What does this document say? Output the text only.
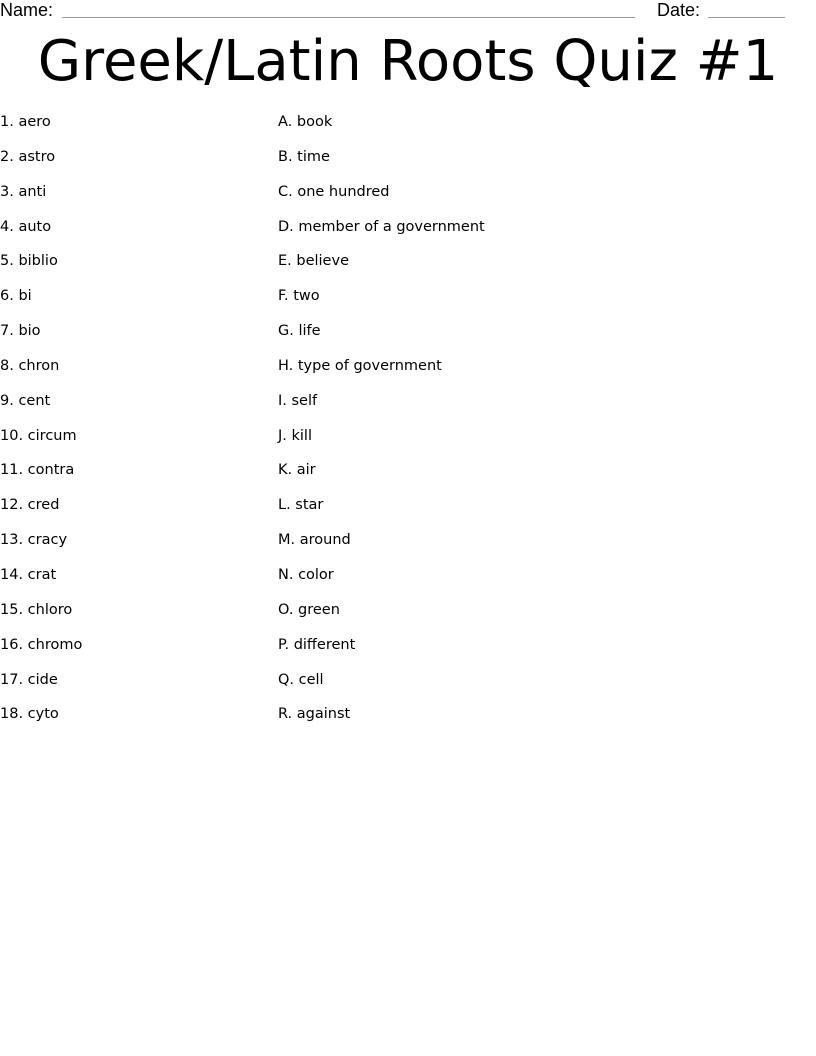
Name:	Date:
Greek/Latin Roots Quiz #1
1. aero
2. astro
3. anti
4. auto
5. biblio
6. bi
7. bio
8. chron
9. cent
10. circum
11. contra
12. cred
13. cracy
14. crat
15. chloro
16. chromo
17. cide
18. cyto
A. book
B. time
C. one hundred
D. member of a government
E. believe
F. two
G. life
H. type of government
I. self
J. kill
K. air
L. star
M. around
N. color
O. green
P. different
Q. cell
R. against
